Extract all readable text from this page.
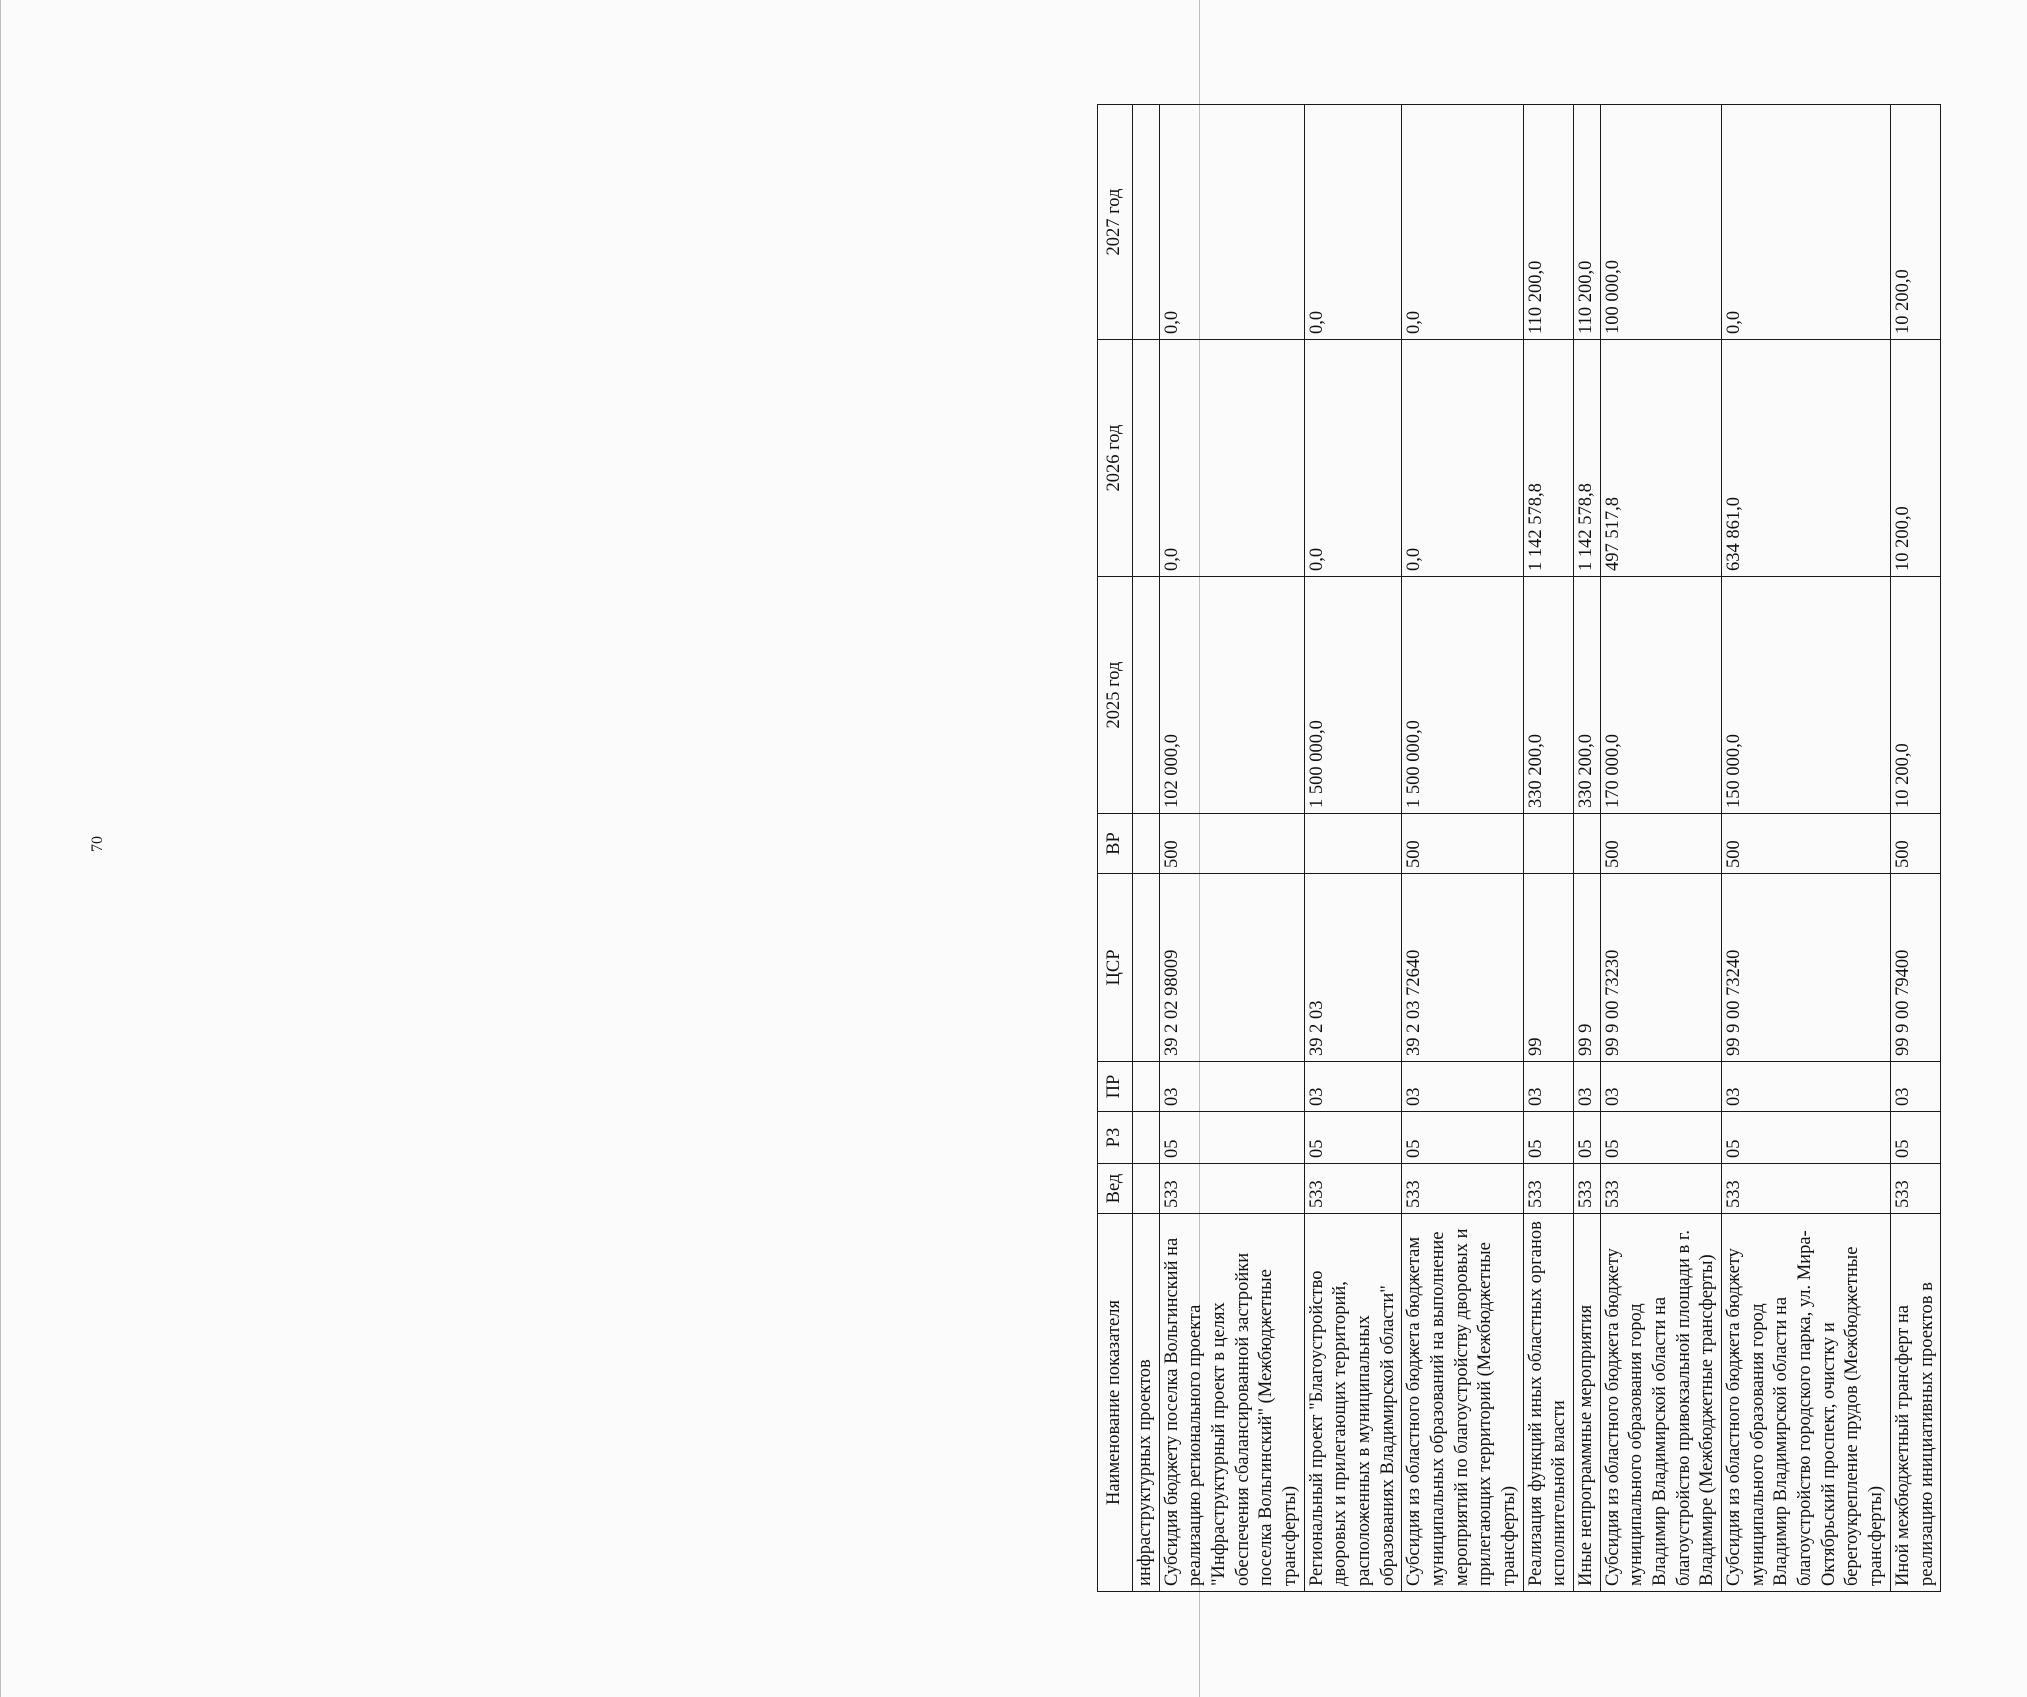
70
Наименование показателя	Вед	РЗ	ПР	ЦСР	ВР	2025 год	2026 год	2027 год
инфраструктурных проектов								
Субсидия бюджету поселка Вольгинский на реализацию регионального проекта "Инфраструктурный проект в целях обеспечения сбалансированной застройки поселка Вольгинский" (Межбюджетные трансферты)	533	05	03	39 2 02 98009	500	102 000,0	0,0	0,0
Региональный проект "Благоустройство дворовых и прилегающих территорий, расположенных в муниципальных образованиях Владимирской области"	533	05	03	39 2 03		1 500 000,0	0,0	0,0
Субсидия из областного бюджета бюджетам муниципальных образований на выполнение мероприятий по благоустройству дворовых и прилегающих территорий (Межбюджетные трансферты)	533	05	03	39 2 03 72640	500	1 500 000,0	0,0	0,0
Реализация функций иных областных органов исполнительной власти	533	05	03	99		330 200,0	1 142 578,8	110 200,0
Иные непрограммные мероприятия	533	05	03	99 9		330 200,0	1 142 578,8	110 200,0
Субсидия из областного бюджета бюджету муниципального образования город Владимир Владимирской области на благоустройство привокзальной площади в г. Владимире (Межбюджетные трансферты)	533	05	03	99 9 00 73230	500	170 000,0	497 517,8	100 000,0
Субсидия из областного бюджета бюджету муниципального образования город Владимир Владимирской области на благоустройство городского парка, ул. Мира-Октябрьский проспект, очистку и берегоукрепление прудов (Межбюджетные трансферты)	533	05	03	99 9 00 73240	500	150 000,0	634 861,0	0,0
Иной межбюджетный трансферт на реализацию инициативных проектов в	533	05	03	99 9 00 79400	500	10 200,0	10 200,0	10 200,0
